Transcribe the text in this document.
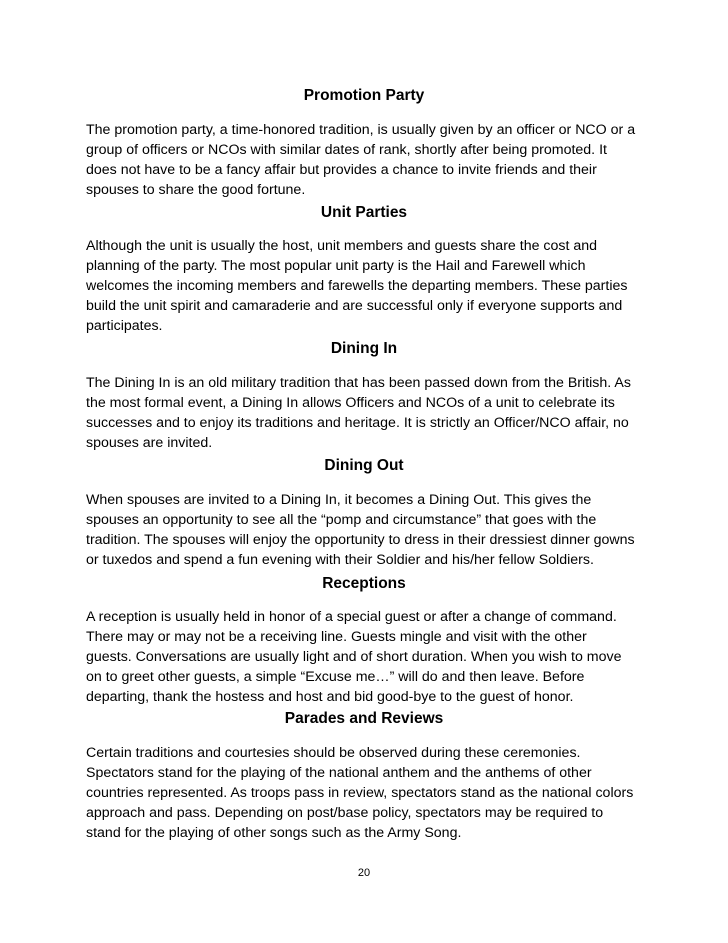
Promotion Party

The promotion party, a time-honored tradition, is usually given by an officer or NCO or a
group of officers or NCOs with similar dates of rank, shortly after being promoted. It
does not have to be a fancy affair but provides a chance to invite friends and their
spouses to share the good fortune.

Unit Parties

Although the unit is usually the host, unit members and guests share the cost and
planning of the party. The most popular unit party is the Hail and Farewell which
welcomes the incoming members and farewells the departing members. These parties
build the unit spirit and camaraderie and are successful only if everyone supports and
participates.

Dining In

The Dining In is an old military tradition that has been passed down from the British. As
the most formal event, a Dining In allows Officers and NCOs of a unit to celebrate its
successes and to enjoy its traditions and heritage. It is strictly an Officer/NCO affair, no
spouses are invited.

Dining Out

When spouses are invited to a Dining In, it becomes a Dining Out. This gives the
spouses an opportunity to see all the “pomp and circumstance” that goes with the
tradition. The spouses will enjoy the opportunity to dress in their dressiest dinner gowns
or tuxedos and spend a fun evening with their Soldier and his/her fellow Soldiers.

Receptions

A reception is usually held in honor of a special guest or after a change of command.
There may or may not be a receiving line. Guests mingle and visit with the other
guests. Conversations are usually light and of short duration. When you wish to move
on to greet other guests, a simple “Excuse me…” will do and then leave. Before
departing, thank the hostess and host and bid good-bye to the guest of honor.

Parades and Reviews

Certain traditions and courtesies should be observed during these ceremonies.
Spectators stand for the playing of the national anthem and the anthems of other
countries represented. As troops pass in review, spectators stand as the national colors
approach and pass. Depending on post/base policy, spectators may be required to
stand for the playing of other songs such as the Army Song.

20
